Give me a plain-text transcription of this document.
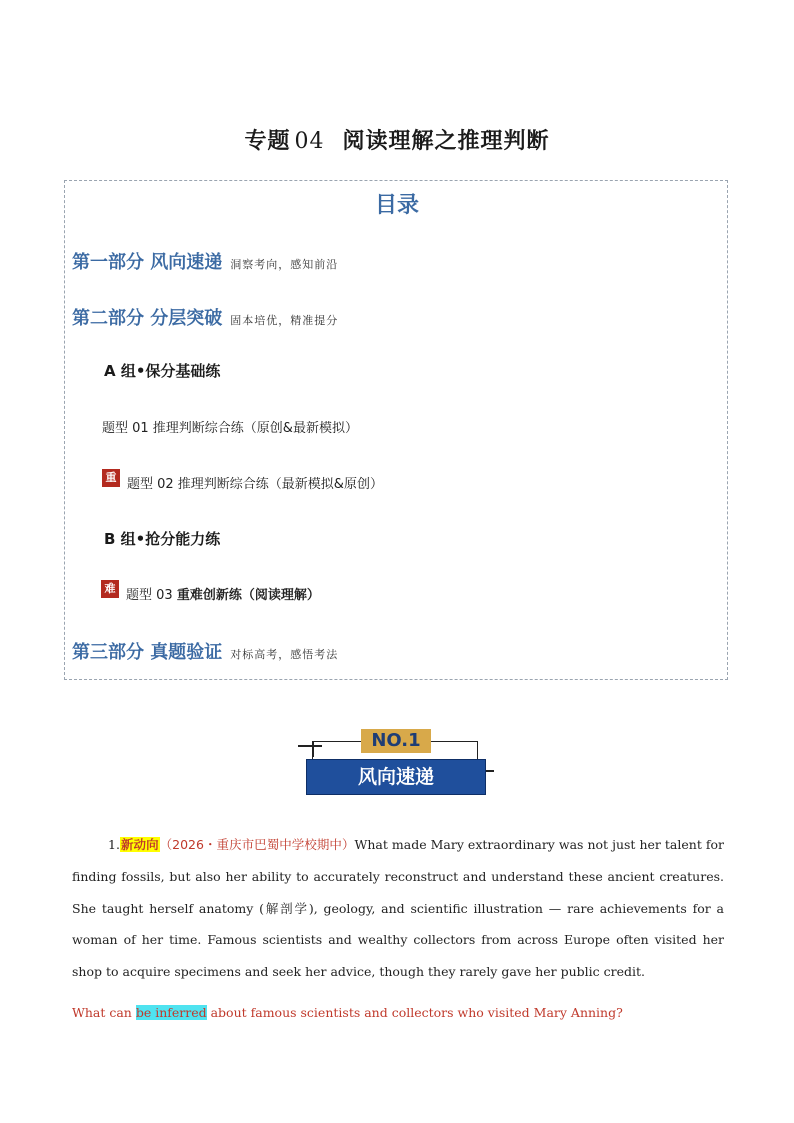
专题 04 阅读理解之推理判断
目录
第一部分 风向速递 洞察考向，感知前沿
第二部分 分层突破 固本培优，精准提分
A 组•保分基础练
题型 01 推理判断综合练（原创&最新模拟）
重 题型 02 推理判断综合练（最新模拟&原创）
B 组•抢分能力练
难 题型 03 重难创新练（阅读理解）
第三部分 真题验证 对标高考，感悟考法
NO.1
风向速递
1.新动向（2026・重庆市巴蜀中学校期中）What made Mary extraordinary was not just her talent for finding fossils, but also her ability to accurately reconstruct and understand these ancient creatures. She taught herself anatomy (解剖学), geology, and scientific illustration — rare achievements for a woman of her time. Famous scientists and wealthy collectors from across Europe often visited her shop to acquire specimens and seek her advice, though they rarely gave her public credit.
What can be inferred about famous scientists and collectors who visited Mary Anning?
